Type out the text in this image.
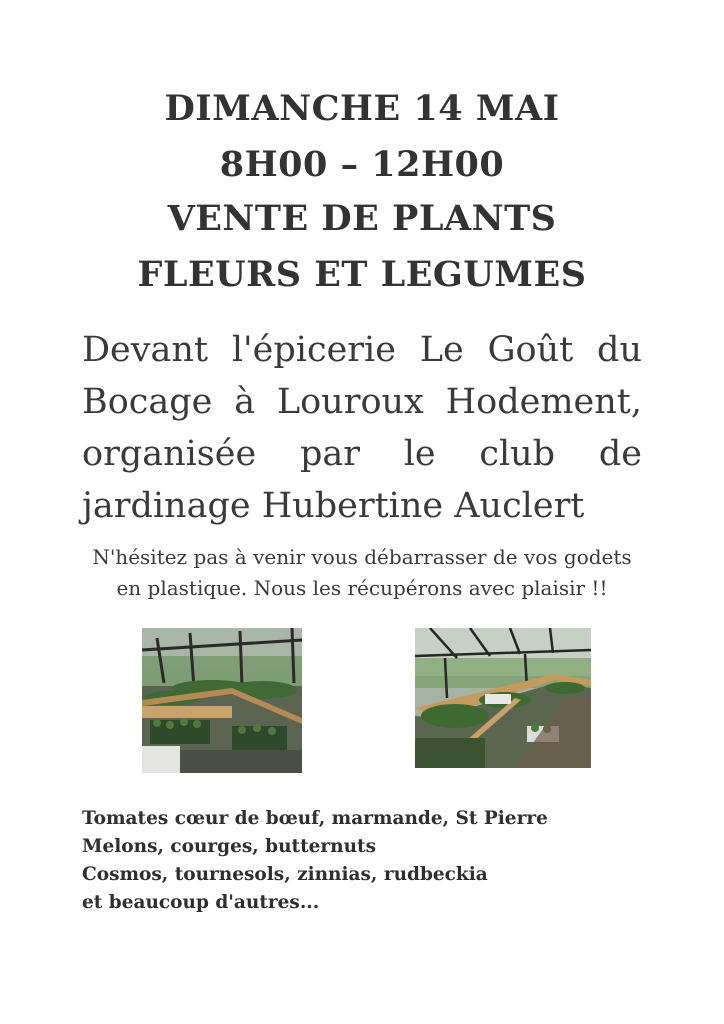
DIMANCHE 14 MAI
8H00 – 12H00
VENTE DE PLANTS
FLEURS ET LEGUMES
Devant l'épicerie Le Goût du
Bocage à Louroux Hodement,
organisée par le club de
jardinage Hubertine Auclert
N'hésitez pas à venir vous débarrasser de vos godets
en plastique. Nous les récupérons avec plaisir !!
Tomates cœur de bœuf, marmande, St Pierre
Melons, courges, butternuts
Cosmos, tournesols, zinnias, rudbeckia
et beaucoup d'autres...
